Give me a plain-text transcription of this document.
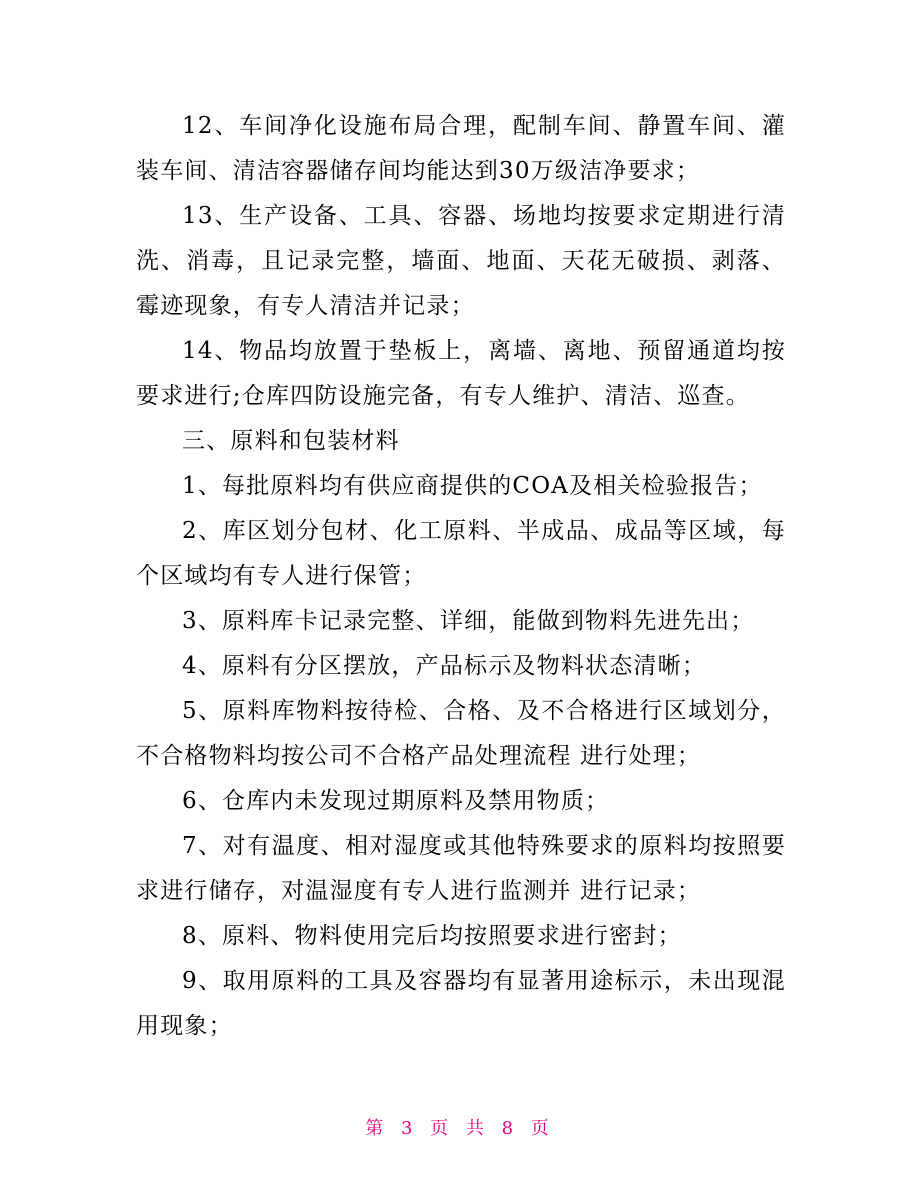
12、车间净化设施布局合理，配制车间、静置车间、灌装车间、清洁容器储存间均能达到30万级洁净要求；

13、生产设备、工具、容器、场地均按要求定期进行清洗、消毒，且记录完整，墙面、地面、天花无破损、剥落、霉迹现象，有专人清洁并记录；

14、物品均放置于垫板上，离墙、离地、预留通道均按要求进行;仓库四防设施完备，有专人维护、清洁、巡查。

三、原料和包装材料

1、每批原料均有供应商提供的COA及相关检验报告；

2、库区划分包材、化工原料、半成品、成品等区域，每个区域均有专人进行保管；

3、原料库卡记录完整、详细，能做到物料先进先出；

4、原料有分区摆放，产品标示及物料状态清晰；

5、原料库物料按待检、合格、及不合格进行区域划分，不合格物料均按公司不合格产品处理流程 进行处理；

6、仓库内未发现过期原料及禁用物质；

7、对有温度、相对湿度或其他特殊要求的原料均按照要求进行储存，对温湿度有专人进行监测并 进行记录；

8、原料、物料使用完后均按照要求进行密封；

9、取用原料的工具及容器均有显著用途标示，未出现混用现象；

第 3 页 共 8 页
